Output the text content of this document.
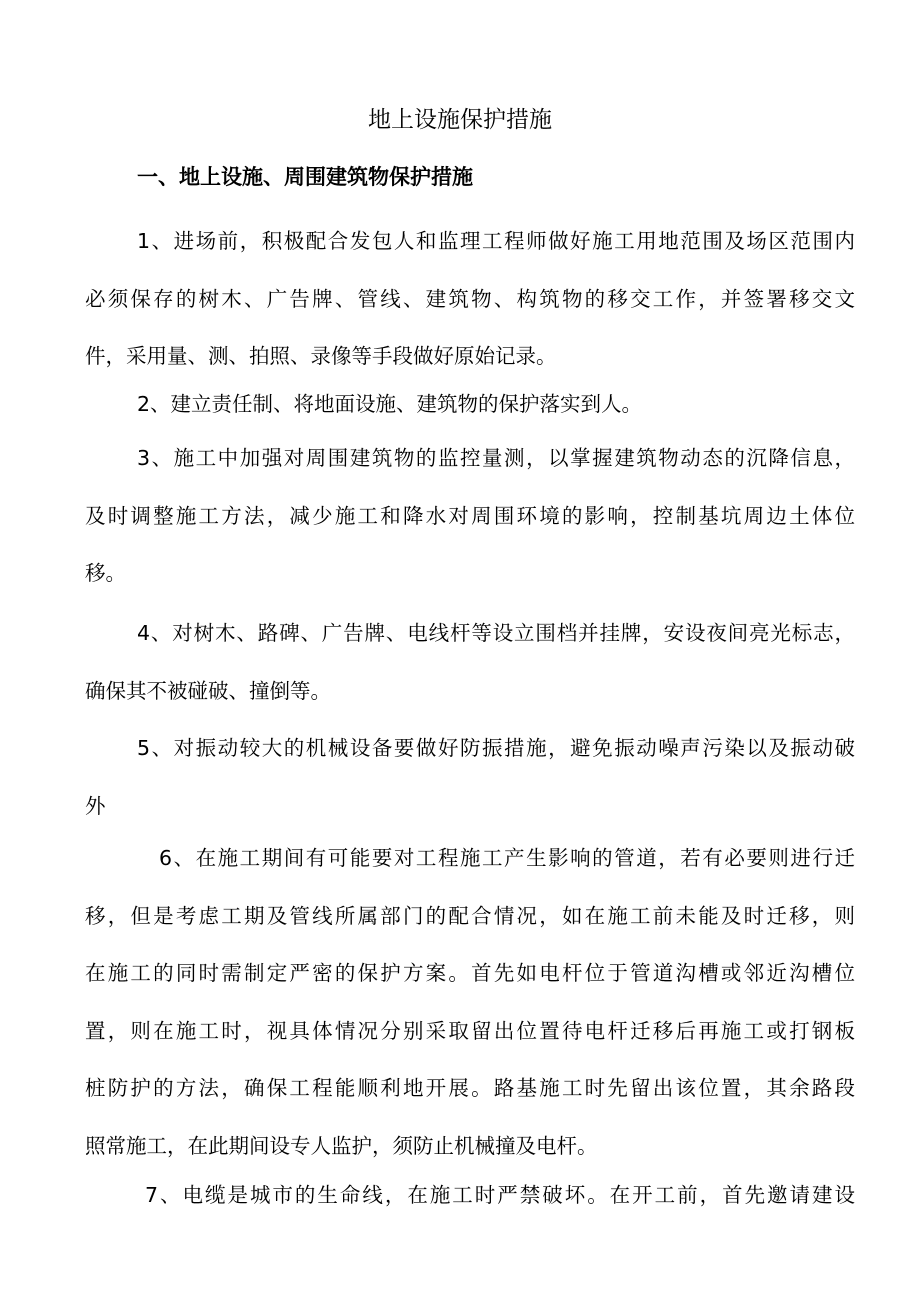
地上设施保护措施
一、地上设施、周围建筑物保护措施
1、进场前，积极配合发包人和监理工程师做好施工用地范围及场区范围内
必须保存的树木、广告牌、管线、建筑物、构筑物的移交工作，并签署移交文
件，采用量、测、拍照、录像等手段做好原始记录。
2、建立责任制、将地面设施、建筑物的保护落实到人。
3、施工中加强对周围建筑物的监控量测，以掌握建筑物动态的沉降信息，
及时调整施工方法，减少施工和降水对周围环境的影响，控制基坑周边土体位
移。
4、对树木、路碑、广告牌、电线杆等设立围档并挂牌，安设夜间亮光标志，
确保其不被碰破、撞倒等。
5、对振动较大的机械设备要做好防振措施，避免振动噪声污染以及振动破
外
6、在施工期间有可能要对工程施工产生影响的管道，若有必要则进行迁
移，但是考虑工期及管线所属部门的配合情况，如在施工前未能及时迁移，则
在施工的同时需制定严密的保护方案。首先如电杆位于管道沟槽或邻近沟槽位
置，则在施工时，视具体情况分别采取留出位置待电杆迁移后再施工或打钢板
桩防护的方法，确保工程能顺利地开展。路基施工时先留出该位置，其余路段
照常施工，在此期间设专人监护，须防止机械撞及电杆。
7、电缆是城市的生命线，在施工时严禁破坏。在开工前，首先邀请建设
